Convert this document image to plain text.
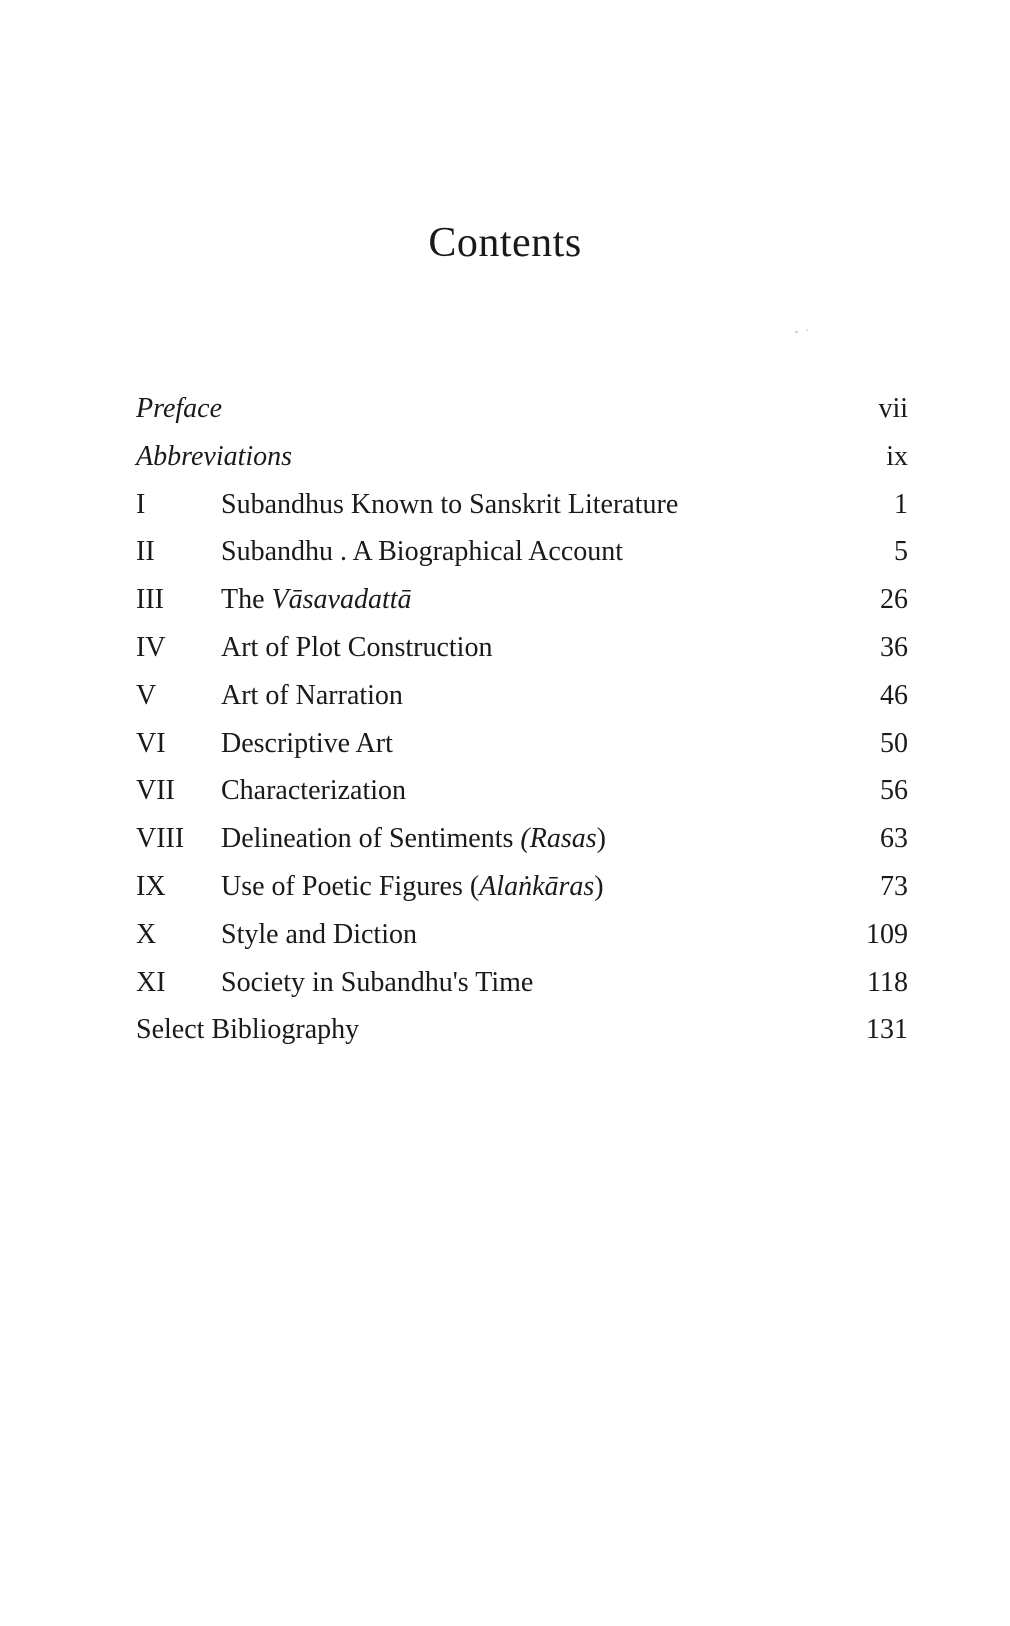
Contents
Preface	vii
Abbreviations	ix
I	Subandhus Known to Sanskrit Literature	1
II Subandhu . A Biographical Account	5
III The Vāsavadattā	26
IV Art of Plot Construction	36
V Art of Narration	46
VI Descriptive Art	50
VII Characterization	56
VIII Delineation of Sentiments (Rasas)	63
IX Use of Poetic Figures (Alaṅkāras)	73
X Style and Diction	109
XI Society in Subandhu's Time	118
Select Bibliography	131
